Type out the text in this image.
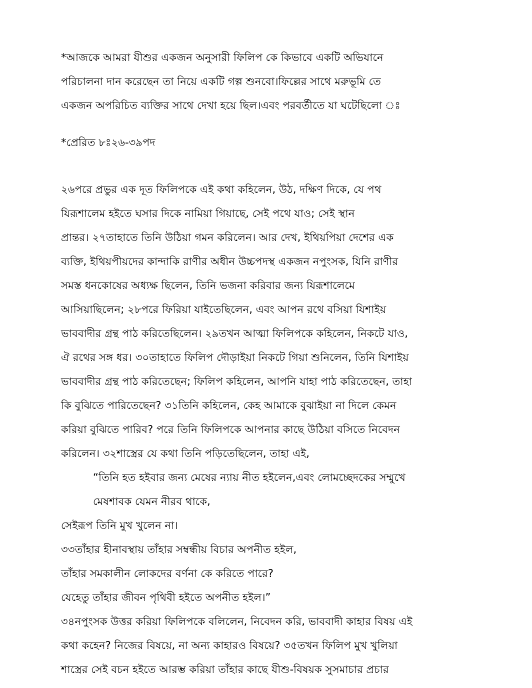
*আজকে আমরা যীশুর একজন অনুসারী ফিলিপ কে কিভাবে একটি অভিযানে
পরিচালনা দান করেছেন তা নিয়ে একটি গল্প শুনবো।ফিল্লের সাথে মরুভূমি তে
একজন অপরিচিত ব্যক্তির সাথে দেখা হয়ে ছিল।এবং পরবর্তীতে যা ঘটেছিলো ঃ
*প্রেরিত ৮ঃ২৬-৩৯পদ
২৬পরে প্রভুর এক দূত ফিলিপকে এই কথা কহিলেন, উঠ, দক্ষিণ দিকে, যে পথ
যিরূশালেম হইতে ঘসার দিকে নামিয়া গিয়াছে, সেই পথে যাও; সেই স্থান
প্রান্তর। ২৭তাহাতে তিনি উঠিয়া গমন করিলেন। আর দেখ, ইথিয়পিয়া দেশের এক
ব্যক্তি, ইথিয়পীয়দের কান্দাকি রাণীর অধীন উচ্চপদস্থ একজন নপুংসক, যিনি রাণীর
সমস্ত ধনকোষের অধ্যক্ষ ছিলেন, তিনি ভজনা করিবার জন্য যিরূশালেমে
আসিয়াছিলেন; ২৮পরে ফিরিয়া যাইতেছিলেন, এবং আপন রথে বসিয়া যিশাইয়
ভাববাদীর গ্রন্থ পাঠ করিতেছিলেন। ২৯তখন আত্মা ফিলিপকে কহিলেন, নিকটে যাও,
ঐ রথের সঙ্গ ধর। ৩০তাহাতে ফিলিপ দৌড়াইয়া নিকটে গিয়া শুনিলেন, তিনি যিশাইয়
ভাববাদীর গ্রন্থ পাঠ করিতেছেন; ফিলিপ কহিলেন, আপনি যাহা পাঠ করিতেছেন, তাহা
কি বুঝিতে পারিতেছেন? ৩১তিনি কহিলেন, কেহ আমাকে বুঝাইয়া না দিলে কেমন
করিয়া বুঝিতে পারিব? পরে তিনি ফিলিপকে আপনার কাছে উঠিয়া বসিতে নিবেদন
করিলেন। ৩২শাস্ত্রের যে কথা তিনি পড়িতেছিলেন, তাহা এই,
“তিনি হত হইবার জন্য মেষের ন্যায় নীত হইলেন,এবং লোমচ্ছেদকের সম্মুখে
মেষশাবক যেমন নীরব থাকে,
সেইরূপ তিনি মুখ খুলেন না।
৩৩তাঁহার হীনাবস্থায় তাঁহার সম্বন্ধীয় বিচার অপনীত হইল,
তাঁহার সমকালীন লোকদের বর্ণনা কে করিতে পারে?
যেহেতু তাঁহার জীবন পৃথিবী হইতে অপনীত হইল।”
৩৪নপুংসক উত্তর করিয়া ফিলিপকে বলিলেন, নিবেদন করি, ভাববাদী কাহার বিষয় এই
কথা কহেন? নিজের বিষয়ে, না অন্য কাহারও বিষয়ে? ৩৫তখন ফিলিপ মুখ খুলিয়া
শাস্ত্রের সেই বচন হইতে আরম্ভ করিয়া তাঁহার কাছে যীশু-বিষয়ক সুসমাচার প্রচার
